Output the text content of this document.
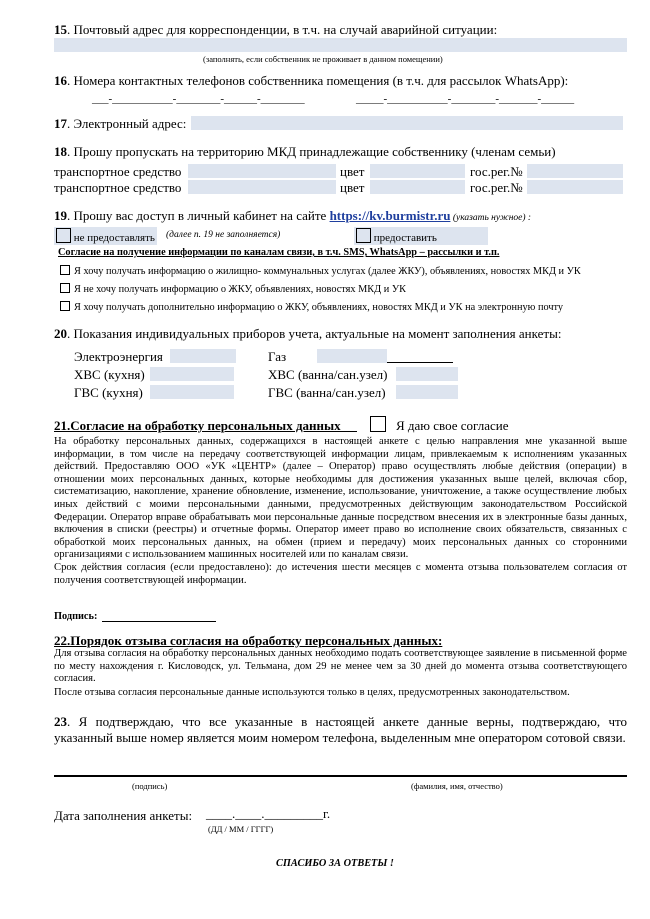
15. Почтовый адрес для корреспонденции, в т.ч. на случай аварийной ситуации:
(заполнять, если собственник не проживает в данном помещении)
16. Номера контактных телефонов собственника помещения (в т.ч. для рассылок WhatsApp):
___-___________-________-______-________	_____-___________-________-_______-______
17. Электронный адрес:
18. Прошу пропускать на территорию МКД принадлежащие собственнику (членам семьи)
транспортное средство	цвет	гос.рег.№
транспортное средство	цвет	гос.рег.№
19. Прошу вас доступ в личный кабинет на сайте https://kv.burmistr.ru (указать нужное) :
не предоставлять (далее п. 19 не заполняется)	предоставить
Согласие на получение информации по каналам связи, в т.ч. SMS, WhatsApp – рассылки и т.п.
Я хочу получать информацию о жилищно- коммунальных услугах (далее ЖКУ), объявлениях, новостях МКД и УК
Я не хочу получать информацию о ЖКУ, объявлениях, новостях МКД и УК
Я хочу получать дополнительно информацию о ЖКУ, объявлениях, новостях МКД и УК на электронную почту
20. Показания индивидуальных приборов учета, актуальные на момент заполнения анкеты:
Электроэнергия	Газ
ХВС (кухня)	ХВС (ванна/сан.узел)
ГВС (кухня)	ГВС (ванна/сан.узел)
21.Согласие на обработку персональных данных	Я даю свое согласие
На обработку персональных данных, содержащихся в настоящей анкете с целью направления мне указанной выше информации, в том числе на передачу соответствующей информации лицам, привлекаемым к исполнениям указанных действий. Предоставляю ООО «УК «ЦЕНТР» (далее – Оператор) право осуществлять любые действия (операции) в отношении моих персональных данных, которые необходимы для достижения указанных выше целей, включая сбор, систематизацию, накопление, хранение обновление, изменение, использование, уничтожение, а также осуществление любых иных действий с моими персональными данными, предусмотренных действующим законодательством Российской Федерации. Оператор вправе обрабатывать мои персональные данные посредством внесения их в электронные базы данных, включения в списки (реестры) и отчетные формы. Оператор имеет право во исполнение своих обязательств, связанных с обработкой моих персональных данных, на обмен (прием и передачу) моих персональных данных со сторонними организациями с использованием машинных носителей или по каналам связи.
Срок действия согласия (если предоставлено): до истечения шести месяцев с момента отзыва пользователем согласия от получения соответствующей информации.
Подпись:
22.Порядок отзыва согласия на обработку персональных данных:
Для отзыва согласия на обработку персональных данных необходимо подать соответствующее заявление в письменной форме по месту нахождения г. Кисловодск, ул. Тельмана, дом 29 не менее чем за 30 дней до момента отзыва соответствующего согласия.
После отзыва согласия персональные данные используются только в целях, предусмотренных законодательством.
23. Я подтверждаю, что все указанные в настоящей анкете данные верны, подтверждаю, что указанный выше номер является моим номером телефона, выделенным мне оператором сотовой связи.
(подпись)	(фамилия, имя, отчество)
Дата заполнения анкеты: ____.____._________г.
(ДД / ММ / ГГГГ)
СПАСИБО ЗА ОТВЕТЫ !
